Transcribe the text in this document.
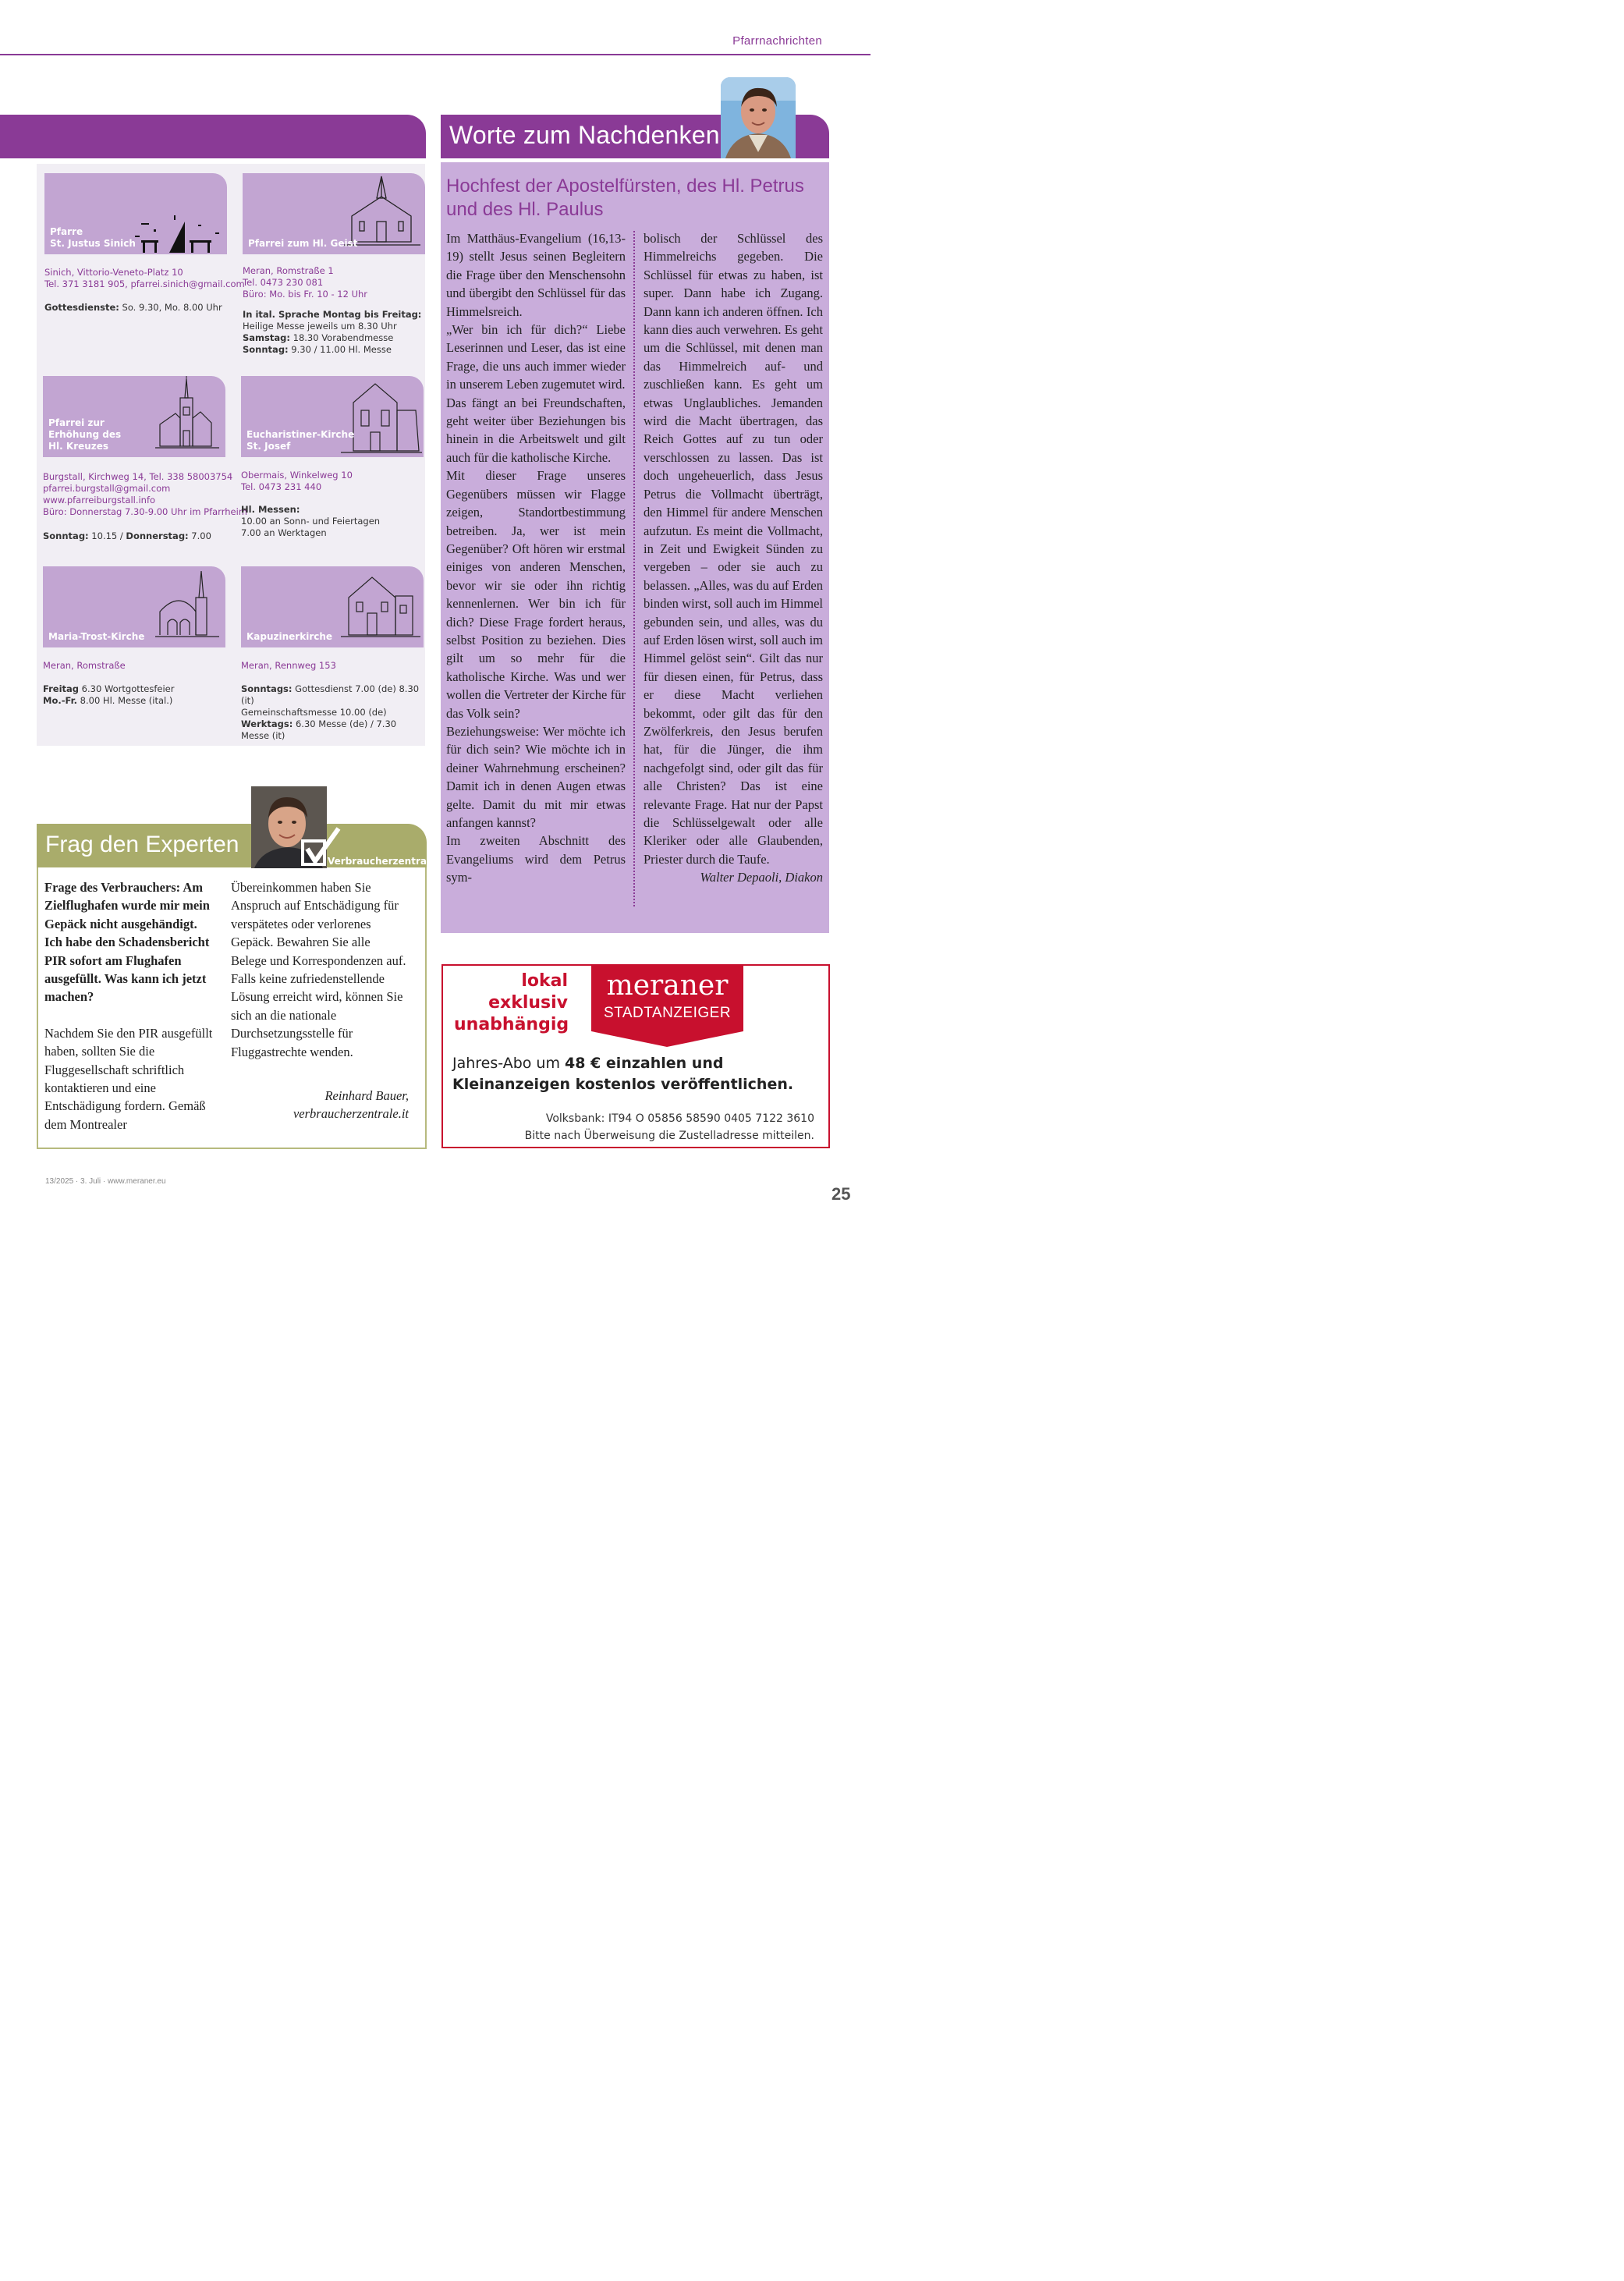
Pfarrnachrichten
Pfarre
St. Justus Sinich
Sinich, Vittorio-Veneto-Platz 10
Tel. 371 3181 905, pfarrei.sinich@gmail.com
Gottesdienste: So. 9.30, Mo. 8.00 Uhr
Pfarrei zum Hl. Geist
Meran, Romstraße 1
Tel. 0473 230 081
Büro: Mo. bis Fr. 10 - 12 Uhr
In ital. Sprache Montag bis Freitag:
Heilige Messe jeweils um 8.30 Uhr
Samstag: 18.30 Vorabendmesse
Sonntag: 9.30 / 11.00 Hl. Messe
Pfarrei zur
Erhöhung des
Hl. Kreuzes
Burgstall, Kirchweg 14, Tel. 338 58003754
pfarrei.burgstall@gmail.com
www.pfarreiburgstall.info
Büro: Donnerstag 7.30-9.00 Uhr im Pfarrheim
Sonntag: 10.15 / Donnerstag: 7.00
Eucharistiner-Kirche
St. Josef
Obermais, Winkelweg 10
Tel. 0473 231 440
Hl. Messen:
10.00 an Sonn- und Feiertagen
7.00 an Werktagen
Maria-Trost-Kirche
Meran, Romstraße
Freitag 6.30 Wortgottesfeier
Mo.-Fr. 8.00 Hl. Messe (ital.)
Kapuzinerkirche
Meran, Rennweg 153
Sonntags: Gottesdienst 7.00 (de) 8.30 (it)
Gemeinschaftsmesse 10.00 (de)
Werktags: 6.30 Messe (de) / 7.30 Messe (it)
Worte zum Nachdenken
Hochfest der Apostelfürsten, des Hl. Petrus und des Hl. Paulus

Im Matthäus-Evangelium (16,13-19) stellt Jesus seinen Begleitern die Frage über den Menschensohn und übergibt den Schlüssel für das Himmelsreich.

„Wer bin ich für dich?“ Liebe Leserinnen und Leser, das ist eine Frage, die uns auch immer wieder in unserem Leben zugemutet wird.

Das fängt an bei Freundschaften, geht weiter über Beziehungen bis hinein in die Arbeitswelt und gilt auch für die katholische Kirche.

Mit dieser Frage unseres Gegenübers müssen wir Flagge zeigen, Standortbestimmung betreiben. Ja, wer ist mein Gegenüber? Oft hören wir erstmal einiges von anderen Menschen, bevor wir sie oder ihn richtig kennenlernen. Wer bin ich für dich? Diese Frage fordert heraus, selbst Position zu beziehen. Dies gilt um so mehr für die katholische Kirche. Was und wer wollen die Vertreter der Kirche für das Volk sein?

Beziehungsweise: Wer möchte ich für dich sein? Wie möchte ich in deiner Wahrnehmung erscheinen? Damit ich in denen Augen etwas gelte. Damit du mit mir etwas anfangen kannst?

Im zweiten Abschnitt des Evangeliums wird dem Petrus sym-

bolisch der Schlüssel des Himmelreichs gegeben. Die Schlüssel für etwas zu haben, ist super. Dann habe ich Zugang. Dann kann ich anderen öffnen. Ich kann dies auch verwehren. Es geht um die Schlüssel, mit denen man das Himmelreich auf- und zuschließen kann. Es geht um etwas Unglaubliches. Jemanden wird die Macht übertragen, das Reich Gottes auf zu tun oder verschlossen zu lassen. Das ist doch ungeheuerlich, dass Jesus Petrus die Vollmacht überträgt, den Himmel für andere Menschen aufzutun. Es meint die Vollmacht, in Zeit und Ewigkeit Sünden zu vergeben – oder sie auch zu belassen. „Alles, was du auf Erden binden wirst, soll auch im Himmel gebunden sein, und alles, was du auf Erden lösen wirst, soll auch im Himmel gelöst sein“. Gilt das nur für diesen einen, für Petrus, dass er diese Macht verliehen bekommt, oder gilt das für den Zwölferkreis, den Jesus berufen hat, für die Jünger, die ihm nachgefolgt sind, oder gilt das für alle Christen? Das ist eine relevante Frage. Hat nur der Papst die Schlüsselgewalt oder alle Kleriker oder alle Glaubenden, Priester durch die Taufe.

Walter Depaoli, Diakon

Frag den Experten
Verbraucherzentrale

Frage des Verbrauchers: Am Zielflughafen wurde mir mein Gepäck nicht ausgehändigt. Ich habe den Schadensbericht PIR sofort am Flughafen ausgefüllt. Was kann ich jetzt machen?

Nachdem Sie den PIR ausgefüllt haben, sollten Sie die Fluggesellschaft schriftlich kontaktieren und eine Entschädigung fordern. Gemäß dem Montrealer

Übereinkommen haben Sie Anspruch auf Entschädigung für verspätetes oder verlorenes Gepäck. Bewahren Sie alle Belege und Korrespondenzen auf. Falls keine zufriedenstellende Lösung erreicht wird, können Sie sich an die nationale Durchsetzungsstelle für Fluggastrechte wenden.

Reinhard Bauer,

verbraucherzentrale.it

lokal
exklusiv
unabhängig
meraner
STADTANZEIGER
Jahres-Abo um 48 € einzahlen und
Kleinanzeigen kostenlos veröffentlichen.
Volksbank: IT94 O 05856 58590 0405 7122 3610
Bitte nach Überweisung die Zustelladresse mitteilen.
13/2025 · 3. Juli · www.meraner.eu
25
